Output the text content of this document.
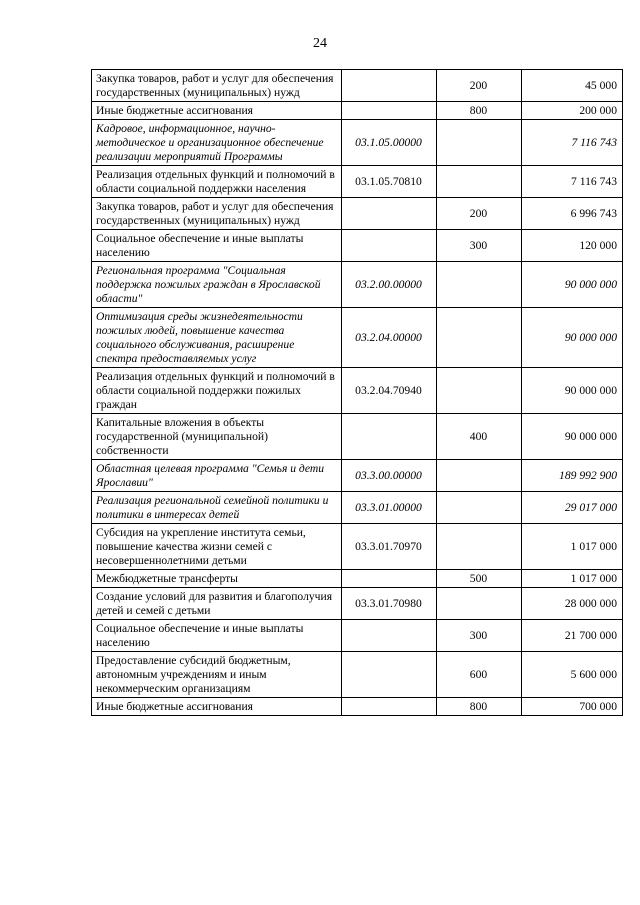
24
Закупка товаров, работ и услуг для обеспечения государственных (муниципальных) нужд		200	45 000
Иные бюджетные ассигнования		800	200 000
Кадровое, информационное, научно-методическое и организационное обеспечение реализации мероприятий Программы	03.1.05.00000		7 116 743
Реализация отдельных функций и полномочий в области социальной поддержки населения	03.1.05.70810		7 116 743
Закупка товаров, работ и услуг для обеспечения государственных (муниципальных) нужд		200	6 996 743
Социальное обеспечение и иные выплаты населению		300	120 000
Региональная программа "Социальная поддержка пожилых граждан в Ярославской области"	03.2.00.00000		90 000 000
Оптимизация среды жизнедеятельности пожилых людей, повышение качества социального обслуживания, расширение спектра предоставляемых услуг	03.2.04.00000		90 000 000
Реализация отдельных функций и полномочий в области социальной поддержки пожилых граждан	03.2.04.70940		90 000 000
Капитальные вложения в объекты государственной (муниципальной) собственности		400	90 000 000
Областная целевая программа "Семья и дети Ярославии"	03.3.00.00000		189 992 900
Реализация региональной семейной политики и политики в интересах детей	03.3.01.00000		29 017 000
Субсидия на укрепление института семьи, повышение качества жизни семей с несовершеннолетними детьми	03.3.01.70970		1 017 000
Межбюджетные трансферты		500	1 017 000
Создание условий для развития и благополучия детей и семей с детьми	03.3.01.70980		28 000 000
Социальное обеспечение и иные выплаты населению		300	21 700 000
Предоставление субсидий бюджетным, автономным учреждениям и иным некоммерческим организациям		600	5 600 000
Иные бюджетные ассигнования		800	700 000
